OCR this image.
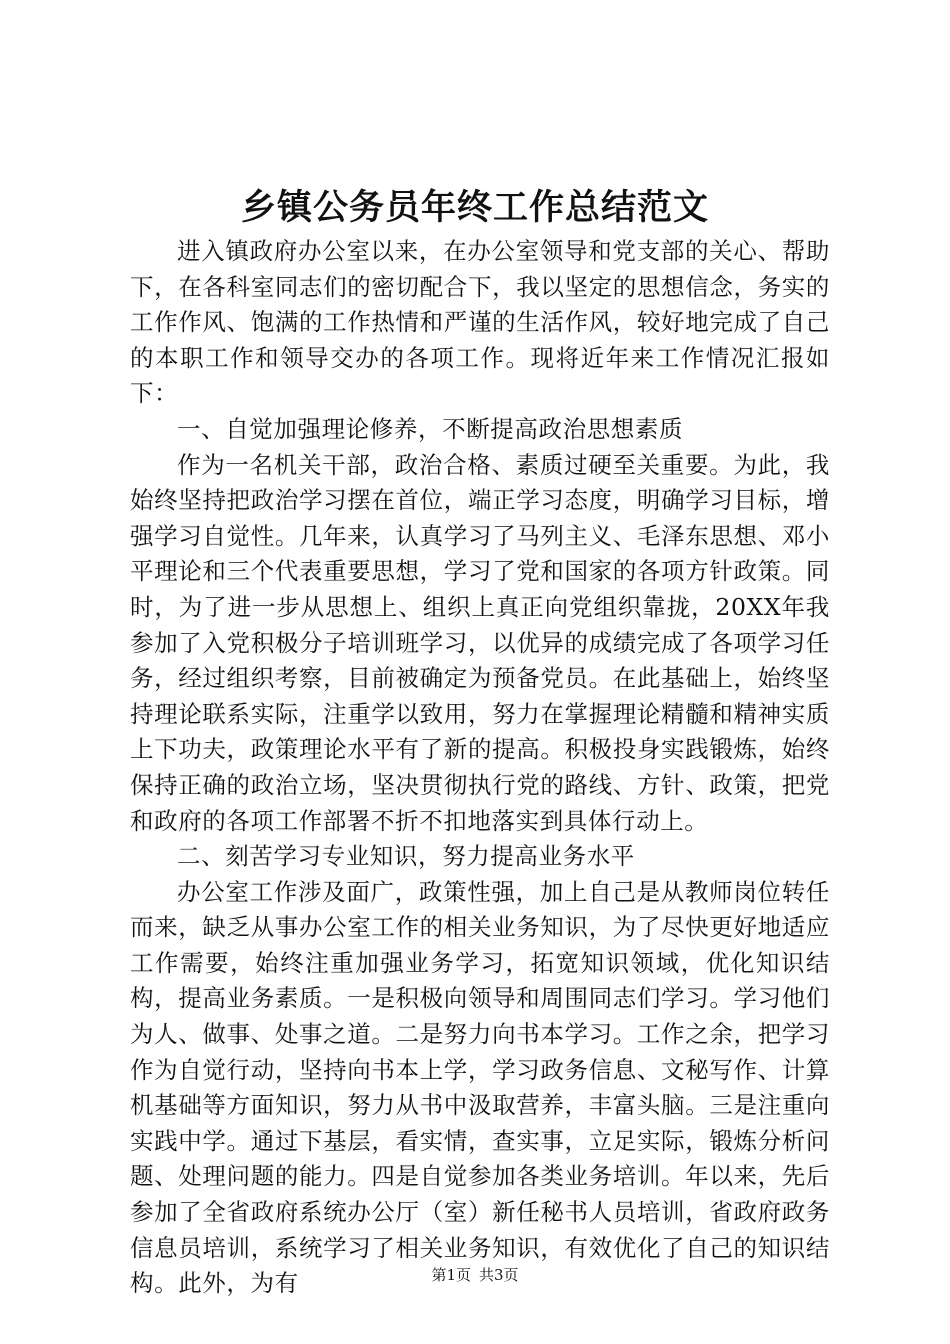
乡镇公务员年终工作总结范文

进入镇政府办公室以来，在办公室领导和党支部的关心、帮助下，在各科室同志们的密切配合下，我以坚定的思想信念，务实的工作作风、饱满的工作热情和严谨的生活作风，较好地完成了自己的本职工作和领导交办的各项工作。现将近年来工作情况汇报如下：

一、自觉加强理论修养，不断提高政治思想素质

作为一名机关干部，政治合格、素质过硬至关重要。为此，我始终坚持把政治学习摆在首位，端正学习态度，明确学习目标，增强学习自觉性。几年来，认真学习了马列主义、毛泽东思想、邓小平理论和三个代表重要思想，学习了党和国家的各项方针政策。同时，为了进一步从思想上、组织上真正向党组织靠拢，20XX年我参加了入党积极分子培训班学习，以优异的成绩完成了各项学习任务，经过组织考察，目前被确定为预备党员。在此基础上，始终坚持理论联系实际，注重学以致用，努力在掌握理论精髓和精神实质上下功夫，政策理论水平有了新的提高。积极投身实践锻炼，始终保持正确的政治立场，坚决贯彻执行党的路线、方针、政策，把党和政府的各项工作部署不折不扣地落实到具体行动上。

二、刻苦学习专业知识，努力提高业务水平

办公室工作涉及面广，政策性强，加上自己是从教师岗位转任而来，缺乏从事办公室工作的相关业务知识，为了尽快更好地适应工作需要，始终注重加强业务学习，拓宽知识领域，优化知识结构，提高业务素质。一是积极向领导和周围同志们学习。学习他们为人、做事、处事之道。二是努力向书本学习。工作之余，把学习作为自觉行动，坚持向书本上学，学习政务信息、文秘写作、计算机基础等方面知识，努力从书中汲取营养，丰富头脑。三是注重向实践中学。通过下基层，看实情，查实事，立足实际，锻炼分析问题、处理问题的能力。四是自觉参加各类业务培训。年以来，先后参加了全省政府系统办公厅（室）新任秘书人员培训，省政府政务信息员培训，系统学习了相关业务知识，有效优化了自己的知识结构。此外，为有	第1页 共3页
